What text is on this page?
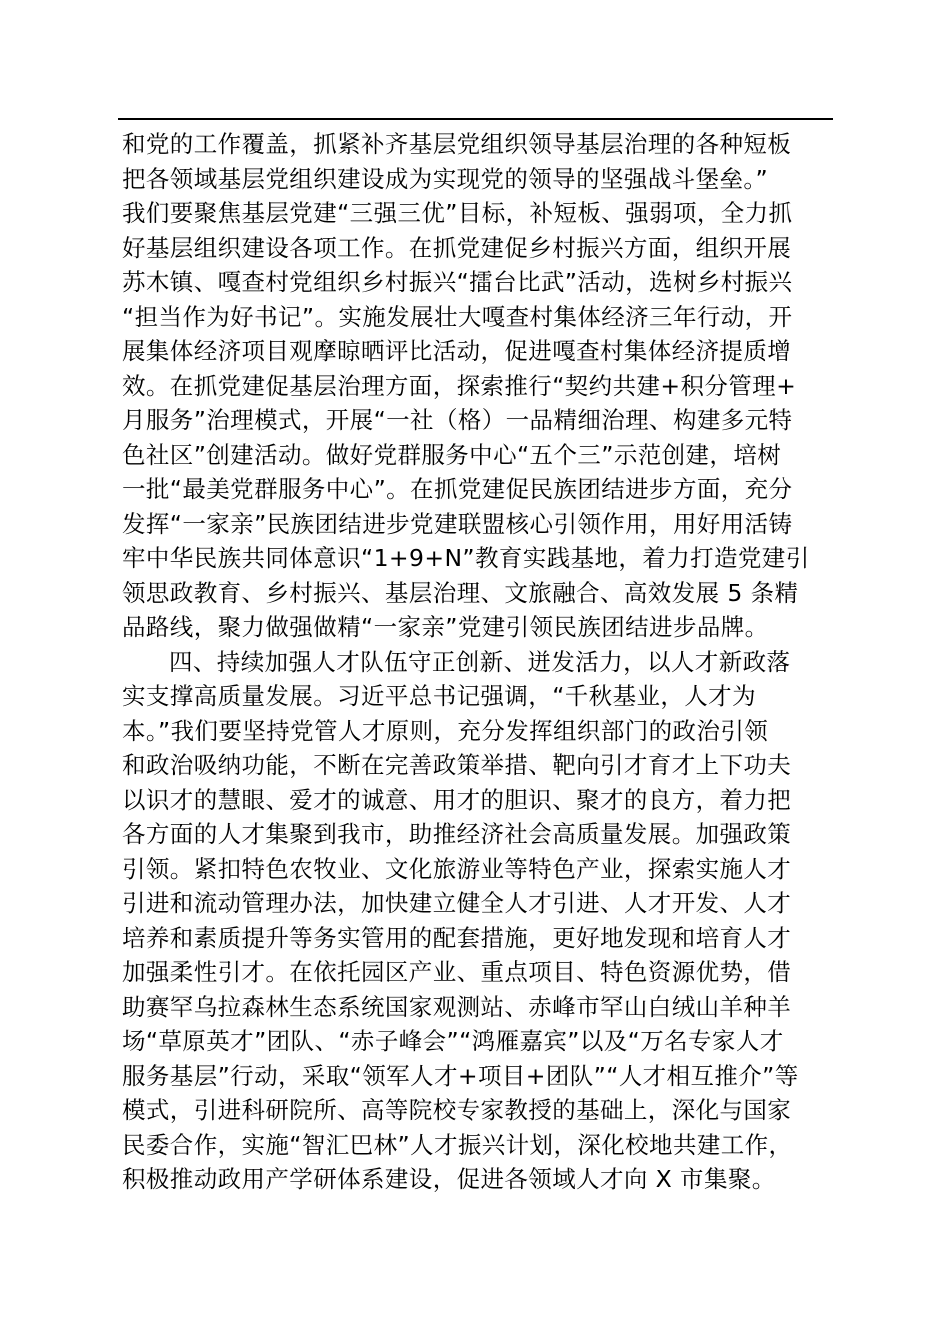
和党的工作覆盖，抓紧补齐基层党组织领导基层治理的各种短板
把各领域基层党组织建设成为实现党的领导的坚强战斗堡垒。”
我们要聚焦基层党建“三强三优”目标，补短板、强弱项，全力抓
好基层组织建设各项工作。在抓党建促乡村振兴方面，组织开展
苏木镇、嘎查村党组织乡村振兴“擂台比武”活动，选树乡村振兴
“担当作为好书记”。实施发展壮大嘎查村集体经济三年行动，开
展集体经济项目观摩晾晒评比活动，促进嘎查村集体经济提质增
效。在抓党建促基层治理方面，探索推行“契约共建+积分管理+
月服务”治理模式，开展“一社（格）一品精细治理、构建多元特
色社区”创建活动。做好党群服务中心“五个三”示范创建，培树
一批“最美党群服务中心”。在抓党建促民族团结进步方面，充分
发挥“一家亲”民族团结进步党建联盟核心引领作用，用好用活铸
牢中华民族共同体意识“1+9+N”教育实践基地，着力打造党建引
领思政教育、乡村振兴、基层治理、文旅融合、高效发展 5 条精
品路线，聚力做强做精“一家亲”党建引领民族团结进步品牌。
四、持续加强人才队伍守正创新、迸发活力，以人才新政落
实支撑高质量发展。习近平总书记强调，“千秋基业，人才为
本。”我们要坚持党管人才原则，充分发挥组织部门的政治引领
和政治吸纳功能，不断在完善政策举措、靶向引才育才上下功夫
以识才的慧眼、爱才的诚意、用才的胆识、聚才的良方，着力把
各方面的人才集聚到我市，助推经济社会高质量发展。加强政策
引领。紧扣特色农牧业、文化旅游业等特色产业，探索实施人才
引进和流动管理办法，加快建立健全人才引进、人才开发、人才
培养和素质提升等务实管用的配套措施，更好地发现和培育人才
加强柔性引才。在依托园区产业、重点项目、特色资源优势，借
助赛罕乌拉森林生态系统国家观测站、赤峰市罕山白绒山羊种羊
场“草原英才”团队、“赤子峰会”“鸿雁嘉宾”以及“万名专家人才
服务基层”行动，采取“领军人才+项目+团队”“人才相互推介”等
模式，引进科研院所、高等院校专家教授的基础上，深化与国家
民委合作，实施“智汇巴林”人才振兴计划，深化校地共建工作，
积极推动政用产学研体系建设，促进各领域人才向 X 市集聚。
